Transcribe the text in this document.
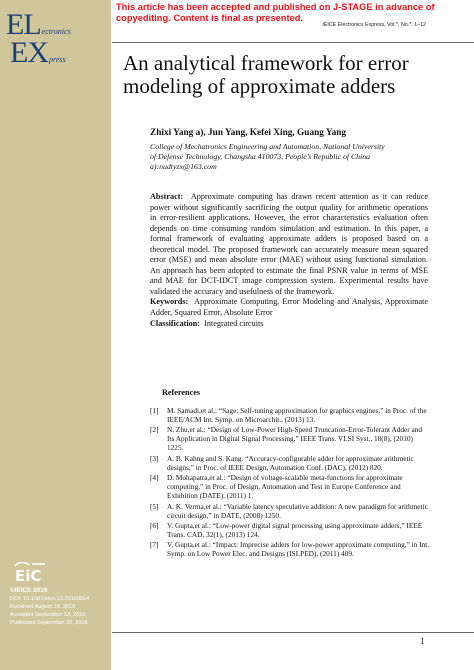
ELectronics
EXpress
EiC
©IEICE 2016
DOI: 10.1587/elex.13.20160814
Received August 19, 2016
Accepted September 13, 2016
Publicized September 30, 2016
This article has been accepted and published on J-STAGE in advance of copyediting. Content is final as presented.
IEICE Electronics Express, Vol.*, No.*, 1–12
An analytical framework for error modeling of approximate adders
Zhixi Yang a), Jun Yang, Kefei Xing, Guang Yang
College of Mechatronics Engineering and Automation, National University
of Defense Technology, Changsha 410073, People’s Republic of China
a):nudtyzx@163.com

Abstract: Approximate computing has drawn recent attention as it can reduce power without significantly sacrificing the output quality for arithmetic operations in error-resilient applications. However, the error characteristics evaluation often depends on time consuming random simulation and estimation. In this paper, a formal framework of evaluating approximate adders is proposed based on a theoretical model. The proposed framework can accurately measure mean squared error (MSE) and mean absolute error (MAE) without using functional simulation. An approach has been adopted to estimate the final PSNR value in terms of MSE and MAE for DCT-IDCT image compression system. Experimental results have validated the accuracy and usefulness of the framework.

Keywords: Approximate Computing, Error Modeling and Analysis, Approximate Adder, Squared Error, Absolute Error

Classification: Integrated circuits

References
[1] M. Samadi,et al.: “Sage: Self-tuning approximation for graphics engines,” in Proc. of the IEEE/ACM Int. Symp. on Microarchit., (2013) 13.
[2] N. Zhu,et al.: “Design of Low-Power High-Speed Truncation-Error-Tolerant Adder and Its Application in Digital Signal Processing,” IEEE Trans. VLSI Syst., 18(8), (2010) 1225.
[3] A. B. Kahng and S. Kang. “Accuracy-configurable adder for approximate arithmetic designs,” in Proc. of IEEE Design, Automation Conf. (DAC), (2012) 820.
[4] D. Mohapatra,et al.: “Design of voltage-scalable meta-functions for approximate computing,” in Proc. of Design, Automation and Test in Europe Conference and Exhibition (DATE), (2011) 1.
[5] A. K. Verma,et al.: “Variable latency speculative addition: A new paradigm for arithmetic circuit design,” in DATE, (2008) 1250.
[6] V. Gupta,et al.: “Low-power digital signal processing using approximate adders,” IEEE Trans. CAD, 32(1), (2013) 124.
[7] V. Gupta,et al.: “Impact: Imprecise adders for low-power approximate computing,” in Int. Symp. on Low Power Elec. and Designs (ISLPED), (2011) 409.
1
